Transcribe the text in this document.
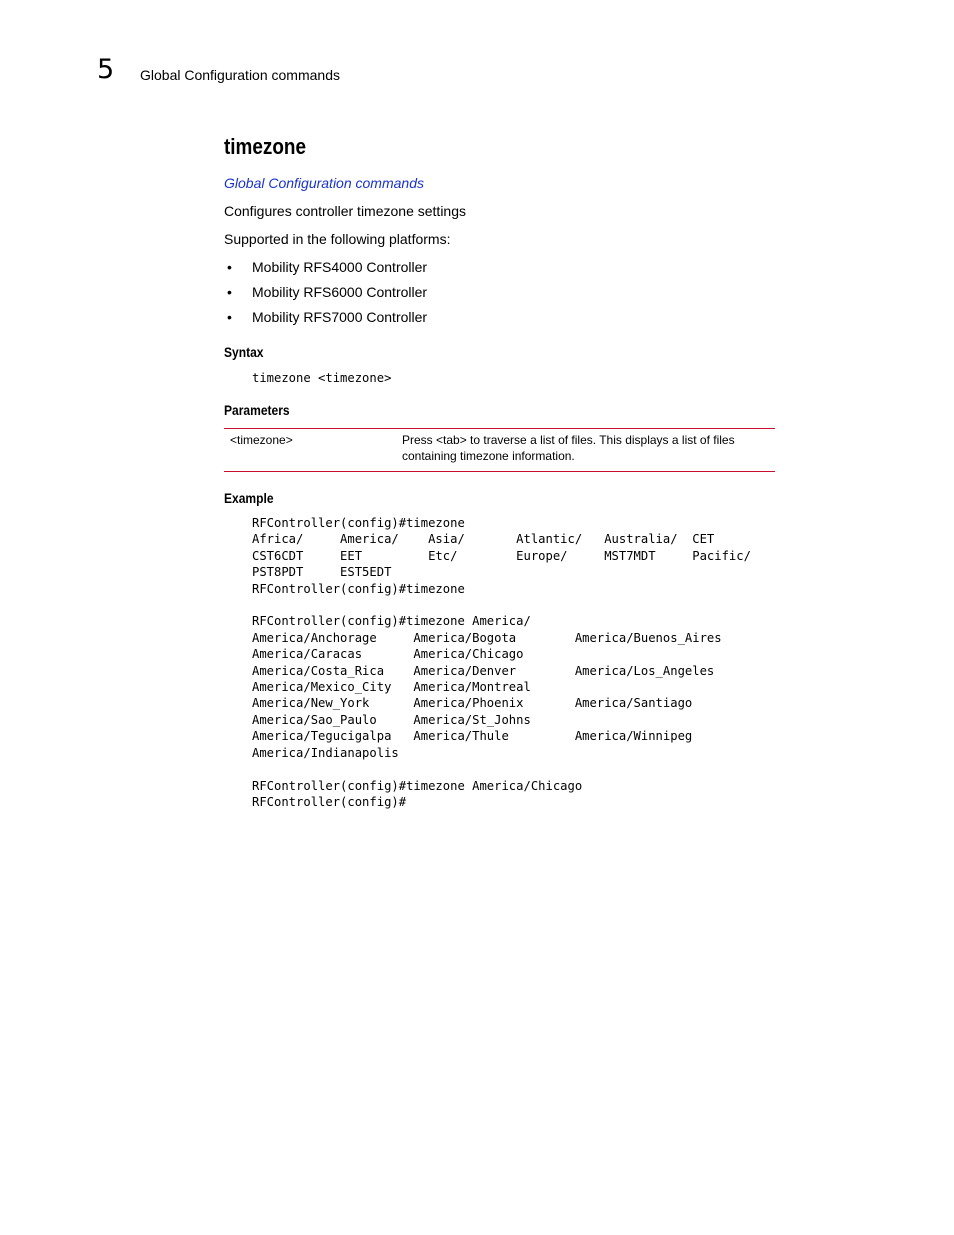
5 Global Configuration commands
timezone
Global Configuration commands
Configures controller timezone settings
Supported in the following platforms:
• Mobility RFS4000 Controller
• Mobility RFS6000 Controller
• Mobility RFS7000 Controller
Syntax
timezone <timezone>
Parameters
<timezone>	Press <tab> to traverse a list of files. This displays a list of files containing timezone information.
Example
RFController(config)#timezone
Africa/     America/    Asia/       Atlantic/   Australia/  CET
CST6CDT     EET         Etc/        Europe/     MST7MDT     Pacific/
PST8PDT     EST5EDT
RFController(config)#timezone

RFController(config)#timezone America/
America/Anchorage     America/Bogota        America/Buenos_Aires
America/Caracas       America/Chicago
America/Costa_Rica    America/Denver        America/Los_Angeles
America/Mexico_City   America/Montreal
America/New_York      America/Phoenix       America/Santiago
America/Sao_Paulo     America/St_Johns
America/Tegucigalpa   America/Thule         America/Winnipeg
America/Indianapolis

RFController(config)#timezone America/Chicago
RFController(config)#
